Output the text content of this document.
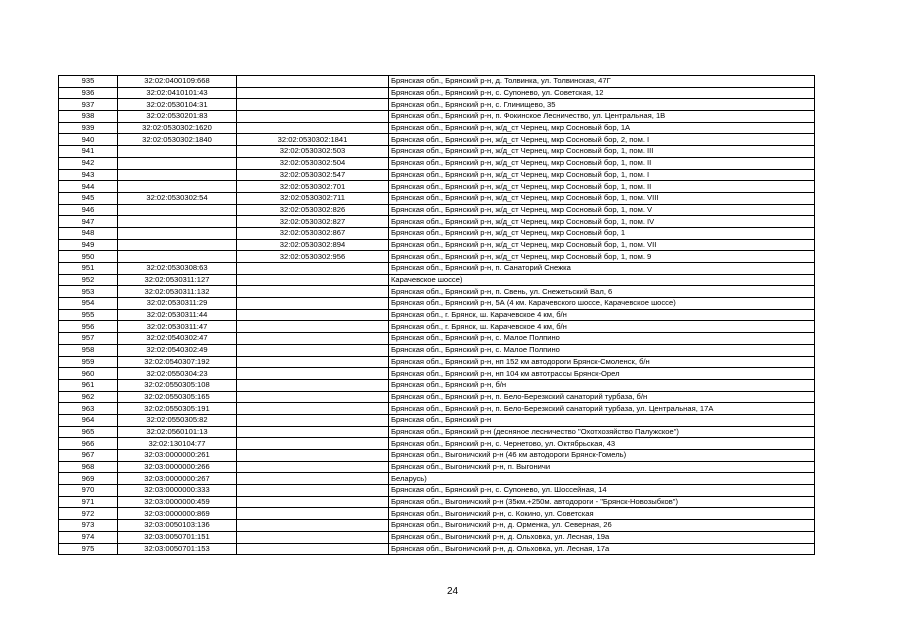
935	32:02:0400109:668		Брянская обл., Брянский р-н, д. Толвинка, ул. Толвинская, 47Г
936	32:02:0410101:43		Брянская обл., Брянский р-н, с. Супонево, ул. Советская, 12
937	32:02:0530104:31		Брянская обл., Брянский р-н, с. Глинищево, 35
938	32:02:0530201:83		Брянская обл., Брянский р-н, п. Фокинское Лесничество, ул. Центральная, 1В
939	32:02:0530302:1620		Брянская обл., Брянский р-н, ж/д_ст Чернец, мкр Сосновый бор, 1А
940	32:02:0530302:1840	32:02:0530302:1841	Брянская обл., Брянский р-н, ж/д_ст Чернец, мкр Сосновый бор, 2, пом. I
941		32:02:0530302:503	Брянская обл., Брянский р-н, ж/д_ст Чернец, мкр Сосновый бор, 1, пом. III
942		32:02:0530302:504	Брянская обл., Брянский р-н, ж/д_ст Чернец, мкр Сосновый бор, 1, пом. II
943		32:02:0530302:547	Брянская обл., Брянский р-н, ж/д_ст Чернец, мкр Сосновый бор, 1, пом. I
944		32:02:0530302:701	Брянская обл., Брянский р-н, ж/д_ст Чернец, мкр Сосновый бор, 1, пом. II
945	32:02:0530302:54	32:02:0530302:711	Брянская обл., Брянский р-н, ж/д_ст Чернец, мкр Сосновый бор, 1, пом. VIII
946		32:02:0530302:826	Брянская обл., Брянский р-н, ж/д_ст Чернец, мкр Сосновый бор, 1, пом. V
947		32:02:0530302:827	Брянская обл., Брянский р-н, ж/д_ст Чернец, мкр Сосновый бор, 1, пом. IV
948		32:02:0530302:867	Брянская обл., Брянский р-н, ж/д_ст Чернец, мкр Сосновый бор, 1
949		32:02:0530302:894	Брянская обл., Брянский р-н, ж/д_ст Чернец, мкр Сосновый бор, 1, пом. VII
950		32:02:0530302:956	Брянская обл., Брянский р-н, ж/д_ст Чернец, мкр Сосновый бор, 1, пом. 9
951	32:02:0530308:63		Брянская обл., Брянский р-н, п. Санаторий Снежка
952	32:02:0530311:127		Карачевское шоссе)
953	32:02:0530311:132		Брянская обл., Брянский р-н, п. Свень, ул. Снежетьский Вал, 6
954	32:02:0530311:29		Брянская обл., Брянский р-н, 5А (4 км. Карачевского шоссе, Карачевское шоссе)
955	32:02:0530311:44		Брянская обл., г. Брянск, ш. Карачевское 4 км, б/н
956	32:02:0530311:47		Брянская обл., г. Брянск, ш. Карачевское 4 км, б/н
957	32:02:0540302:47		Брянская обл., Брянский р-н, с. Малое Полпино
958	32:02:0540302:49		Брянская обл., Брянский р-н, с. Малое Полпино
959	32:02:0540307:192		Брянская обл., Брянский р-н, нп 152 км автодороги Брянск-Смоленск, б/н
960	32:02:0550304:23		Брянская обл., Брянский р-н, нп 104 км автотрассы Брянск-Орел
961	32:02:0550305:108		Брянская обл., Брянский р-н, б/н
962	32:02:0550305:165		Брянская обл., Брянский р-н, п. Бело-Березкский санаторий турбаза, б/н
963	32:02:0550305:191		Брянская обл., Брянский р-н, п. Бело-Березкский санаторий турбаза, ул. Центральная, 17А
964	32:02:0550305:82		Брянская обл., Брянский р-н
965	32:02:0560101:13		Брянская обл., Брянский р-н (десняное лесничество "Охотхозяйство Палужское")
966	32:02:130104:77		Брянская обл., Брянский р-н, с. Чернетово, ул. Октябрьская, 43
967	32:03:0000000:261		Брянская обл., Выгоничский р-н (46 км автодороги Брянск-Гомель)
968	32:03:0000000:266		Брянская обл., Выгоничский р-н, п. Выгоничи
969	32:03:0000000:267		Беларусь)
970	32:03:0000000:333		Брянская обл., Брянский р-н, с. Супонево, ул. Шоссейная, 14
971	32:03:0000000:459		Брянская обл., Выгоничский р-н (35км.+250м. автодороги - "Брянск-Новозыбков")
972	32:03:0000000:869		Брянская обл., Выгоничский р-н, с. Кокино, ул. Советская
973	32:03:0050103:136		Брянская обл., Выгоничский р-н, д. Орменка, ул. Северная, 26
974	32:03:0050701:151		Брянская обл., Выгоничский р-н, д. Ольховка, ул. Лесная, 19а
975	32:03:0050701:153		Брянская обл., Выгоничский р-н, д. Ольховка, ул. Лесная, 17а
24
